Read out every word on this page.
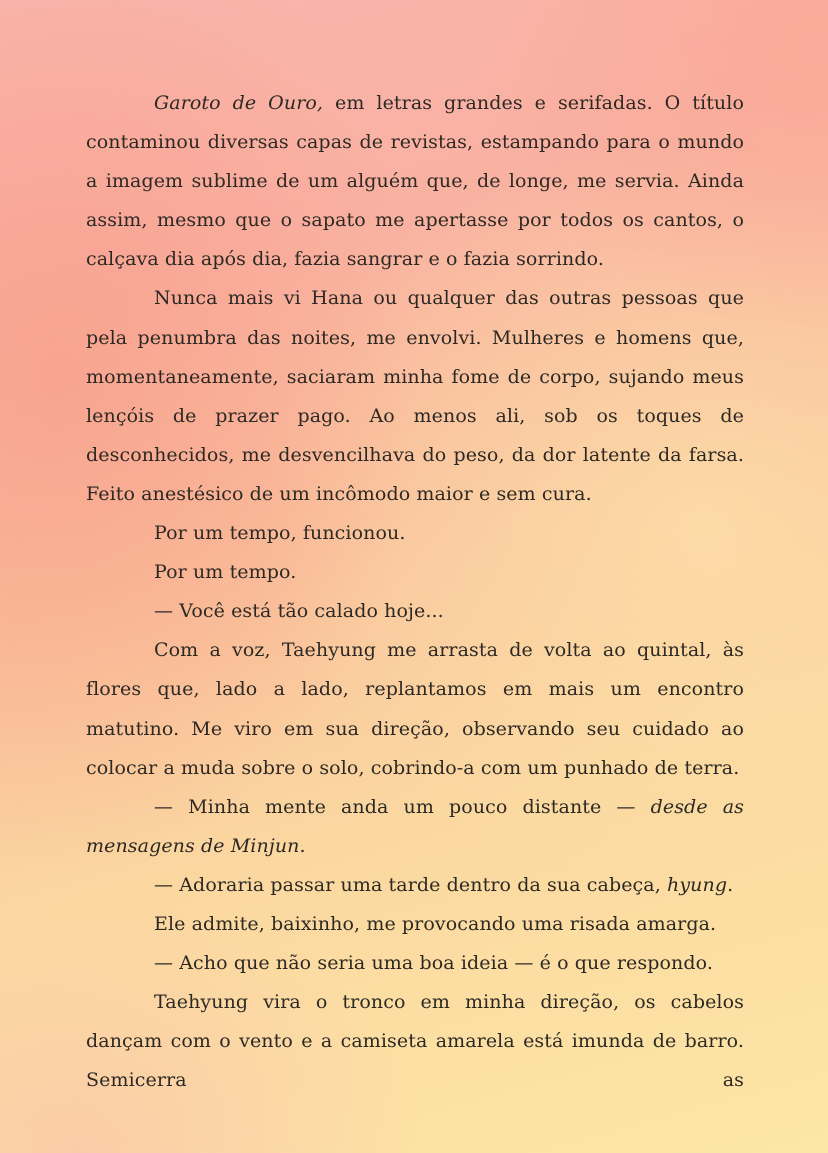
Garoto de Ouro, em letras grandes e serifadas. O título contaminou diversas capas de revistas, estampando para o mundo a imagem sublime de um alguém que, de longe, me servia. Ainda assim, mesmo que o sapato me apertasse por todos os cantos, o calçava dia após dia, fazia sangrar e o fazia sorrindo.

Nunca mais vi Hana ou qualquer das outras pessoas que pela penumbra das noites, me envolvi. Mulheres e homens que, momentaneamente, saciaram minha fome de corpo, sujando meus lençóis de prazer pago. Ao menos ali, sob os toques de desconhecidos, me desvencilhava do peso, da dor latente da farsa. Feito anestésico de um incômodo maior e sem cura.

Por um tempo, funcionou.

Por um tempo.

— Você está tão calado hoje...

Com a voz, Taehyung me arrasta de volta ao quintal, às flores que, lado a lado, replantamos em mais um encontro matutino. Me viro em sua direção, observando seu cuidado ao colocar a muda sobre o solo, cobrindo-a com um punhado de terra.

— Minha mente anda um pouco distante — desde as mensagens de Minjun.

— Adoraria passar uma tarde dentro da sua cabeça, hyung.

Ele admite, baixinho, me provocando uma risada amarga.

— Acho que não seria uma boa ideia — é o que respondo.

Taehyung vira o tronco em minha direção, os cabelos dançam com o vento e a camiseta amarela está imunda de barro. Semicerra as
